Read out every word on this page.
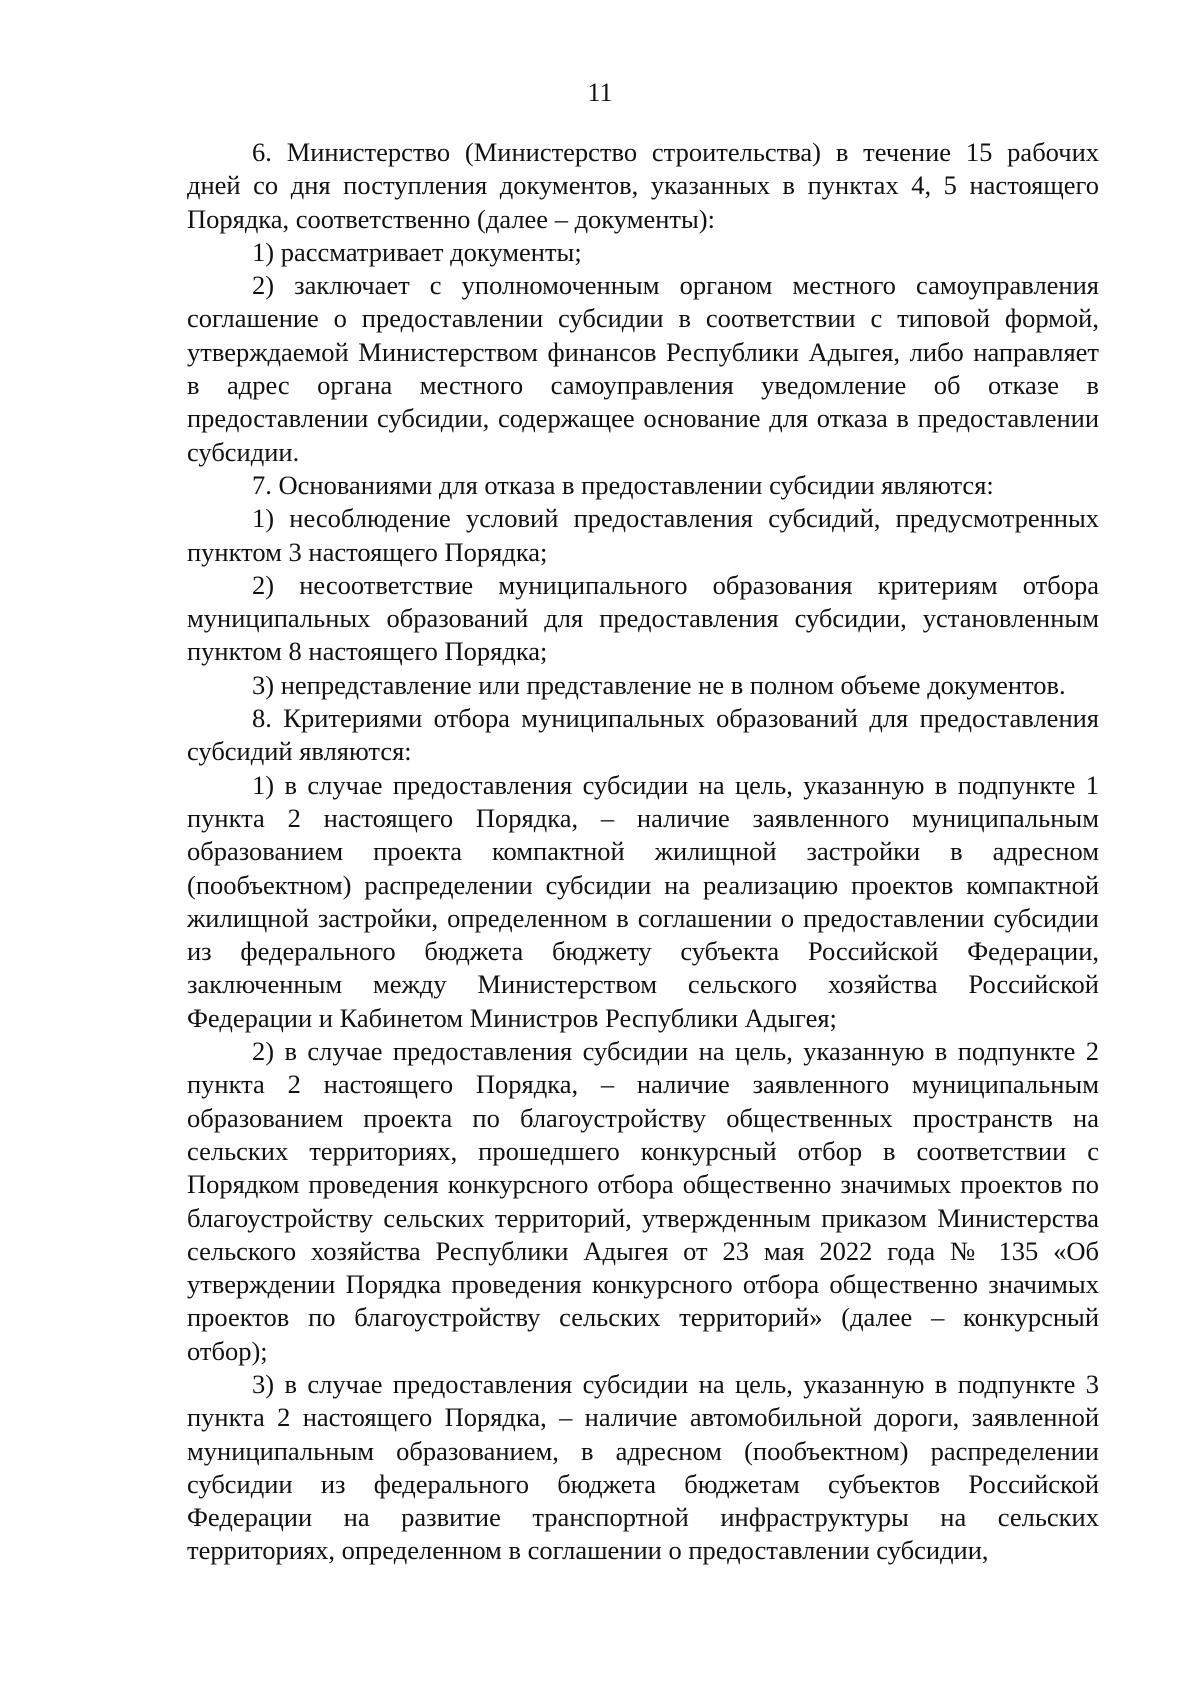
11

6. Министерство (Министерство строительства) в течение 15 рабочих дней со дня поступления документов, указанных в пунктах 4, 5 настоящего Порядка, соответственно (далее – документы):

1) рассматривает документы;

2) заключает с уполномоченным органом местного самоуправления соглашение о предоставлении субсидии в соответствии с типовой формой, утверждаемой Министерством финансов Республики Адыгея, либо направляет в адрес органа местного самоуправления уведомление об отказе в предоставлении субсидии, содержащее основание для отказа в предоставлении субсидии.

7. Основаниями для отказа в предоставлении субсидии являются:

1) несоблюдение условий предоставления субсидий, предусмотренных пунктом 3 настоящего Порядка;

2) несоответствие муниципального образования критериям отбора муниципальных образований для предоставления субсидии, установленным пунктом 8 настоящего Порядка;

3) непредставление или представление не в полном объеме документов.

8. Критериями отбора муниципальных образований для предоставления субсидий являются:

1) в случае предоставления субсидии на цель, указанную в подпункте 1 пункта 2 настоящего Порядка, – наличие заявленного муниципальным образованием проекта компактной жилищной застройки в адресном (пообъектном) распределении субсидии на реализацию проектов компактной жилищной застройки, определенном в соглашении о предоставлении субсидии из федерального бюджета бюджету субъекта Российской Федерации, заключенным между Министерством сельского хозяйства Российской Федерации и Кабинетом Министров Республики Адыгея;

2) в случае предоставления субсидии на цель, указанную в подпункте 2 пункта 2 настоящего Порядка, – наличие заявленного муниципальным образованием проекта по благоустройству общественных пространств на сельских территориях, прошедшего конкурсный отбор в соответствии с Порядком проведения конкурсного отбора общественно значимых проектов по благоустройству сельских территорий, утвержденным приказом Министерства сельского хозяйства Республики Адыгея от 23 мая 2022 года № 135 «Об утверждении Порядка проведения конкурсного отбора общественно значимых проектов по благоустройству сельских территорий» (далее – конкурсный отбор);

3) в случае предоставления субсидии на цель, указанную в подпункте 3 пункта 2 настоящего Порядка, – наличие автомобильной дороги, заявленной муниципальным образованием, в адресном (пообъектном) распределении субсидии из федерального бюджета бюджетам субъектов Российской Федерации на развитие транспортной инфраструктуры на сельских территориях, определенном в соглашении о предоставлении субсидии,
